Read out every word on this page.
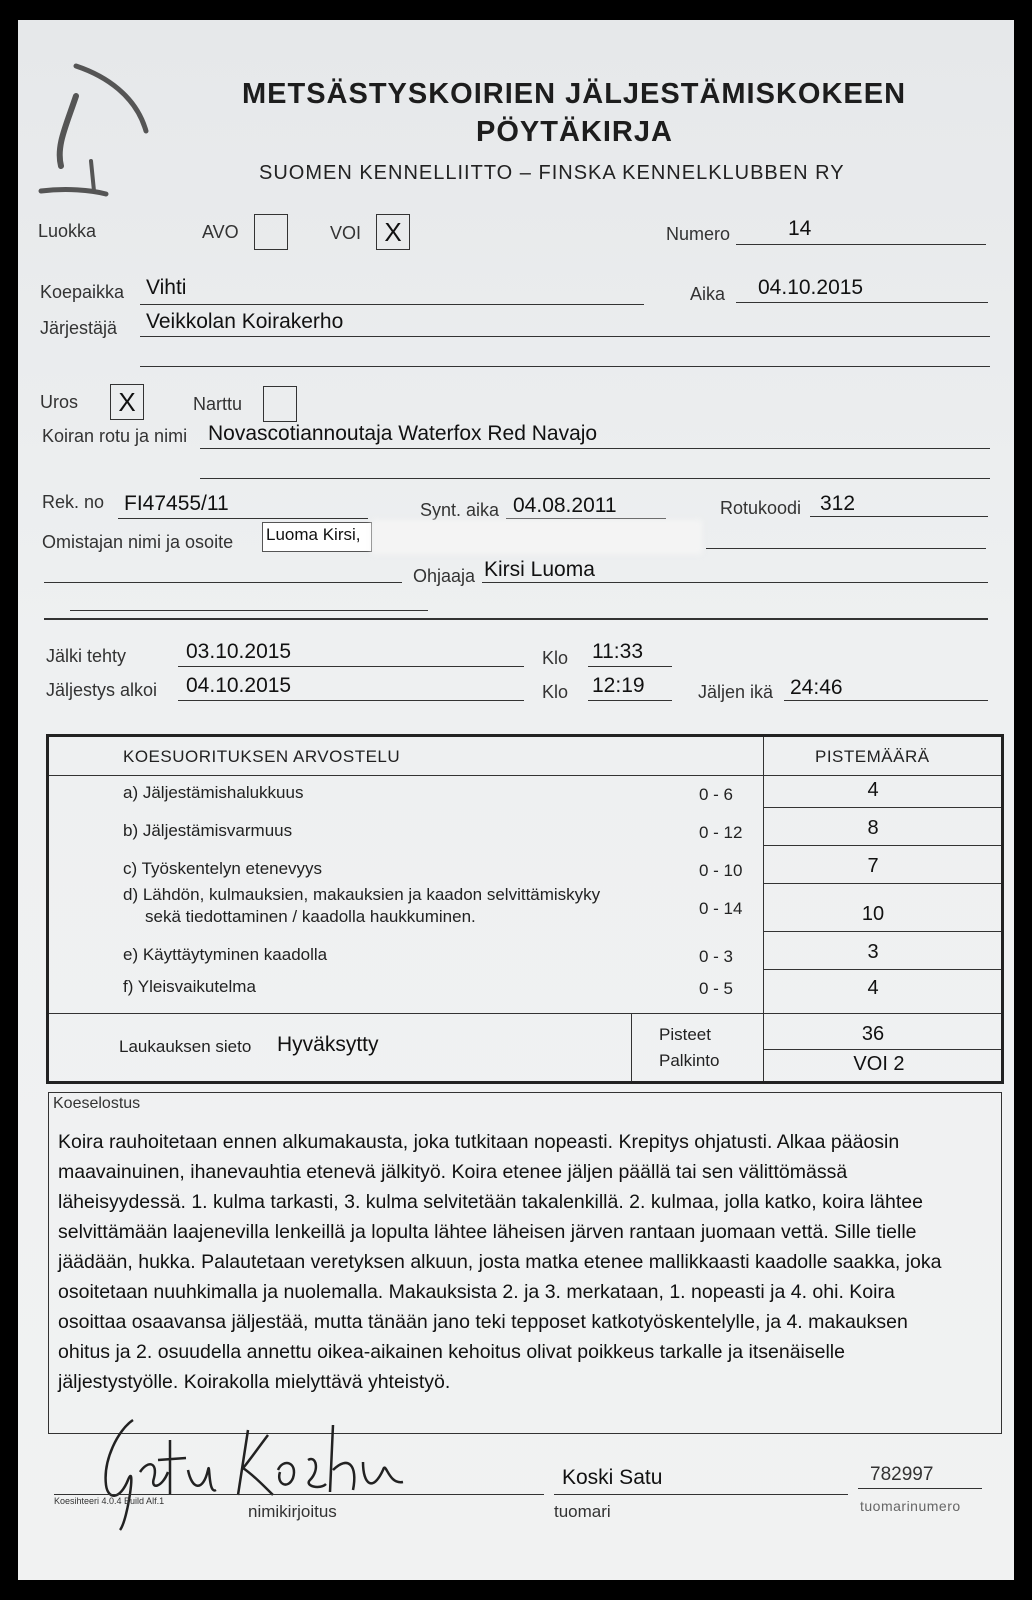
METSÄSTYSKOIRIEN JÄLJESTÄMISKOKEEN
PÖYTÄKIRJA
SUOMEN KENNELLIITTO – FINSKA KENNELKLUBBEN RY
Luokka	AVO	VOI X	Numero	14
Koepaikka Vihti	Aika 04.10.2015
Järjestäjä Veikkolan Koirakerho
Uros X	Narttu
Koiran rotu ja nimi Novascotiannoutaja Waterfox Red Navajo
Rek. no FI47455/11	Synt. aika 04.08.2011	Rotukoodi 312
Omistajan nimi ja osoite Luoma Kirsi,
Ohjaaja Kirsi Luoma
Jälki tehty	03.10.2015	Klo 11:33
Jäljestys alkoi 04.10.2015	Klo 12:19	Jäljen ikä 24:46
KOESUORITUKSEN ARVOSTELU	PISTEMÄÄRÄ
a) Jäljestämishalukkuus	0 - 6	4
b) Jäljestämisvarmuus	0 - 12	8
c) Työskentelyn etenevyys	0 - 10	7
d) Lähdön, kulmauksien, makauksien ja kaadon selvittämiskyky
sekä tiedottaminen / kaadolla haukkuminen.	0 - 14	10
e) Käyttäytyminen kaadolla	0 - 3	3
f) Yleisvaikutelma	0 - 5	4
Laukauksen sieto Hyväksytty	Pisteet	36
Palkinto	VOI 2
Koeselostus
Koira rauhoitetaan ennen alkumakausta, joka tutkitaan nopeasti. Krepitys ohjatusti. Alkaa pääosin maavainuinen, ihanevauhtia etenevä jälkityö. Koira etenee jäljen päällä tai sen välittömässä läheisyydessä. 1. kulma tarkasti, 3. kulma selvitetään takalenkillä. 2. kulmaa, jolla katko, koira lähtee selvittämään laajenevilla lenkeillä ja lopulta lähtee läheisen järven rantaan juomaan vettä. Sille tielle jäädään, hukka. Palautetaan veretyksen alkuun, josta matka etenee mallikkaasti kaadolle saakka, joka osoitetaan nuuhkimalla ja nuolemalla. Makauksista 2. ja 3. merkataan, 1. nopeasti ja 4. ohi. Koira osoittaa osaavansa jäljestää, mutta tänään jano teki tepposet katkotyöskentelylle, ja 4. makauksen ohitus ja 2. osuudella annettu oikea-aikainen kehoitus olivat poikkeus tarkalle ja itsenäiselle jäljestystyölle. Koirakolla mielyttävä yhteistyö.
Koesihteeri 4.0.4 Build Alf.1
nimikirjoitus
Koski Satu
tuomari
782997
tuomarinumero
